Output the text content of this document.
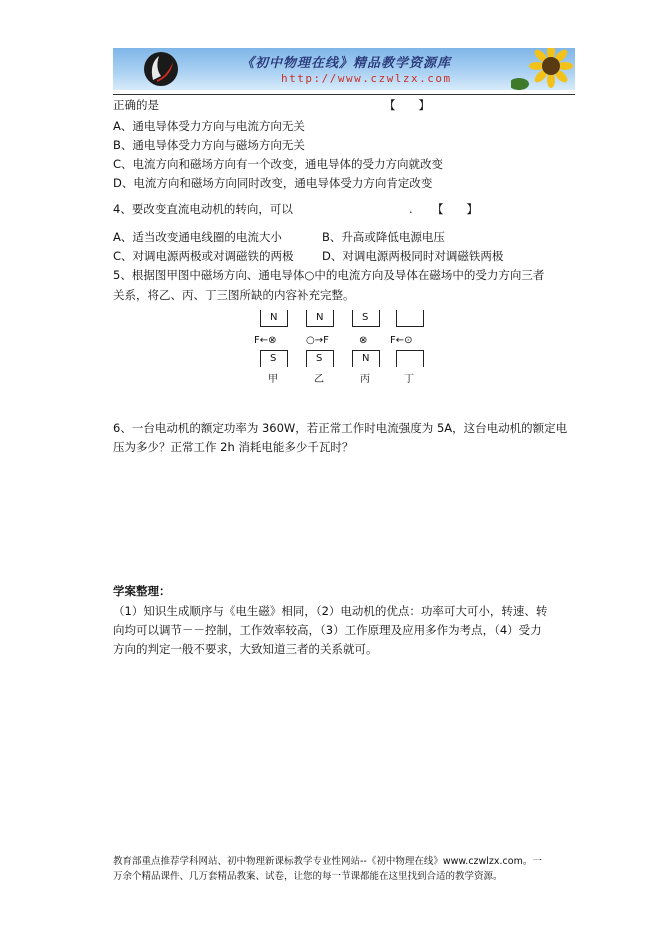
《初中物理在线》精品教学资源库
http://www.czwlzx.com
正确的是	【　　】
A、通电导体受力方向与电流方向无关
B、通电导体受力方向与磁场方向无关
C、电流方向和磁场方向有一个改变，通电导体的受力方向就改变
D、电流方向和磁场方向同时改变，通电导体受力方向肯定改变
4、要改变直流电动机的转向，可以	. 【　　】
A、适当改变通电线圈的电流大小	B、升高或降低电源电压
C、对调电源两极或对调磁铁的两极 D、对调电源两极同时对调磁铁两极
5、根据图甲图中磁场方向、通电导体○中的电流方向及导体在磁场中的受力方向三者
关系，将乙、丙、丁三图所缺的内容补充完整。
N
F←⊗
S
甲
N
○→F
S
乙
S
⊗
N
丙
F←⊙
丁
6、一台电动机的额定功率为 360W，若正常工作时电流强度为 5A，这台电动机的额定电
压为多少？正常工作 2h 消耗电能多少千瓦时？
学案整理：
（1）知识生成顺序与《电生磁》相同，（2）电动机的优点：功率可大可小，转速、转
向均可以调节－－控制，工作效率较高，（3）工作原理及应用多作为考点，（4）受力
方向的判定一般不要求，大致知道三者的关系就可。
教育部重点推荐学科网站、初中物理新课标教学专业性网站--《初中物理在线》www.czwlzx.com。一
万余个精品课件、几万套精品教案、试卷，让您的每一节课都能在这里找到合适的教学资源。
